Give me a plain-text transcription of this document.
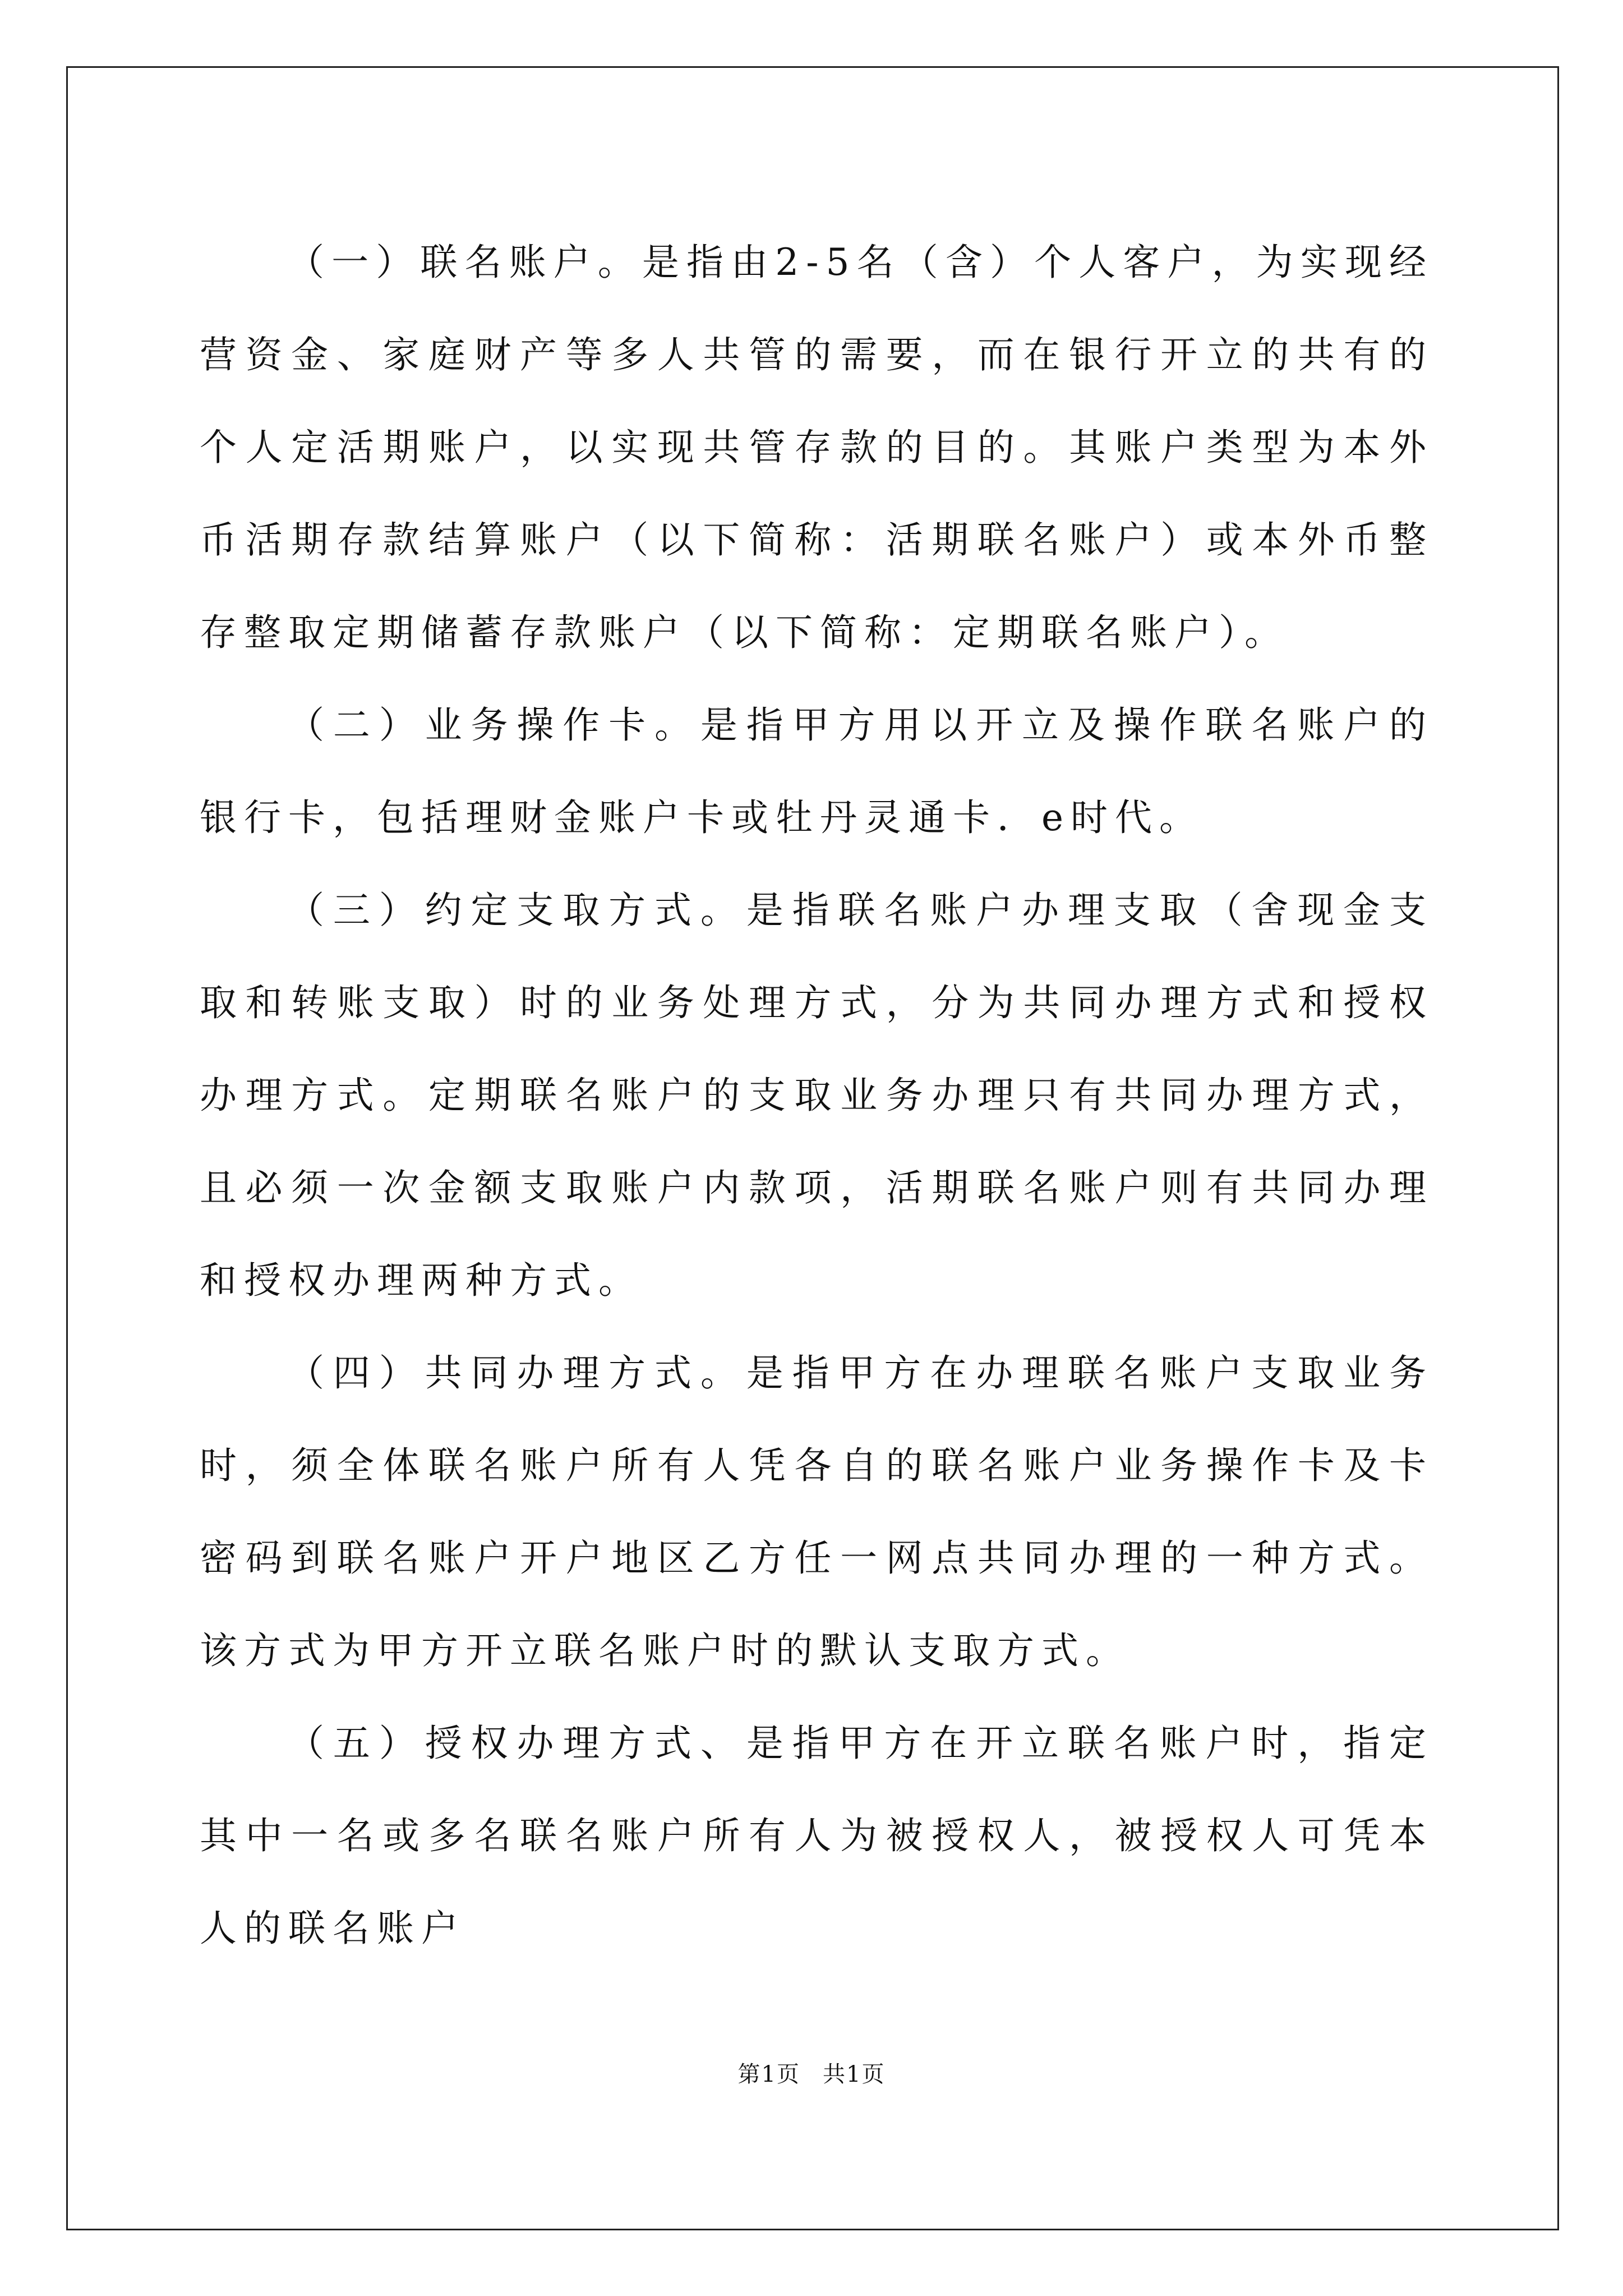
（一）联名账户。是指由2-5名（含）个人客户，为实现经营资金、家庭财产等多人共管的需要，而在银行开立的共有的个人定活期账户，以实现共管存款的目的。其账户类型为本外币活期存款结算账户（以下简称：活期联名账户）或本外币整存整取定期储蓄存款账户（以下简称：定期联名账户）。

（二）业务操作卡。是指甲方用以开立及操作联名账户的银行卡，包括理财金账户卡或牡丹灵通卡．e时代。

（三）约定支取方式。是指联名账户办理支取（舍现金支取和转账支取）时的业务处理方式，分为共同办理方式和授权办理方式。定期联名账户的支取业务办理只有共同办理方式，且必须一次金额支取账户内款项，活期联名账户则有共同办理和授权办理两种方式。

（四）共同办理方式。是指甲方在办理联名账户支取业务时，须全体联名账户所有人凭各自的联名账户业务操作卡及卡密码到联名账户开户地区乙方任一网点共同办理的一种方式。该方式为甲方开立联名账户时的默认支取方式。

（五）授权办理方式、是指甲方在开立联名账户时，指定其中一名或多名联名账户所有人为被授权人，被授权人可凭本人的联名账户

第1页 共1页
